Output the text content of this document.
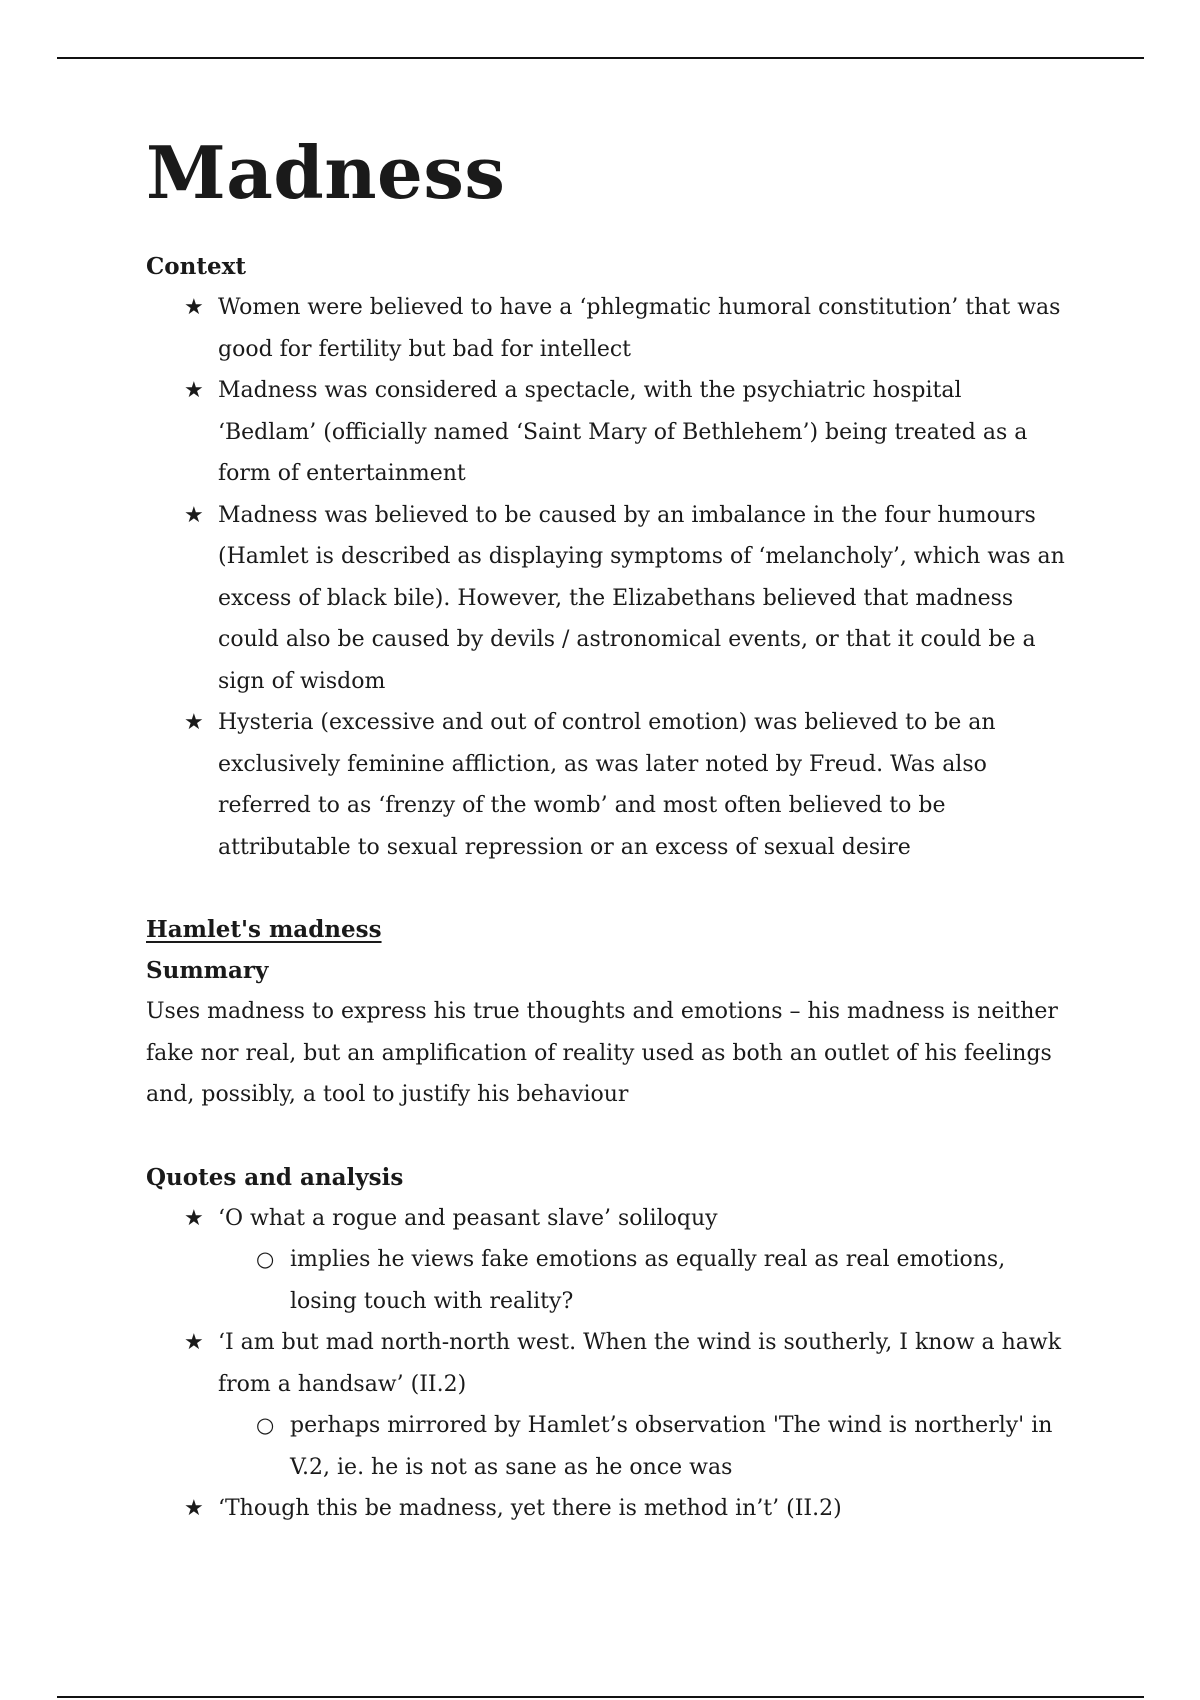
Madness
Context
★ Women were believed to have a ‘phlegmatic humoral constitution’ that was good for fertility but bad for intellect
★ Madness was considered a spectacle, with the psychiatric hospital ‘Bedlam’ (officially named ‘Saint Mary of Bethlehem’) being treated as a form of entertainment
★ Madness was believed to be caused by an imbalance in the four humours (Hamlet is described as displaying symptoms of ‘melancholy’, which was an excess of black bile). However, the Elizabethans believed that madness could also be caused by devils / astronomical events, or that it could be a sign of wisdom
★ Hysteria (excessive and out of control emotion) was believed to be an exclusively feminine affliction, as was later noted by Freud. Was also referred to as ‘frenzy of the womb’ and most often believed to be attributable to sexual repression or an excess of sexual desire
Hamlet's madness
Summary

Uses madness to express his true thoughts and emotions – his madness is neither fake nor real, but an amplification of reality used as both an outlet of his feelings and, possibly, a tool to justify his behaviour

Quotes and analysis
★ ‘O what a rogue and peasant slave’ soliloquy
○ implies he views fake emotions as equally real as real emotions, losing touch with reality?
★ ‘I am but mad north-north west. When the wind is southerly, I know a hawk from a handsaw’ (II.2)
○ perhaps mirrored by Hamlet’s observation 'The wind is northerly' in V.2, ie. he is not as sane as he once was
★ ‘Though this be madness, yet there is method in’t’ (II.2)
